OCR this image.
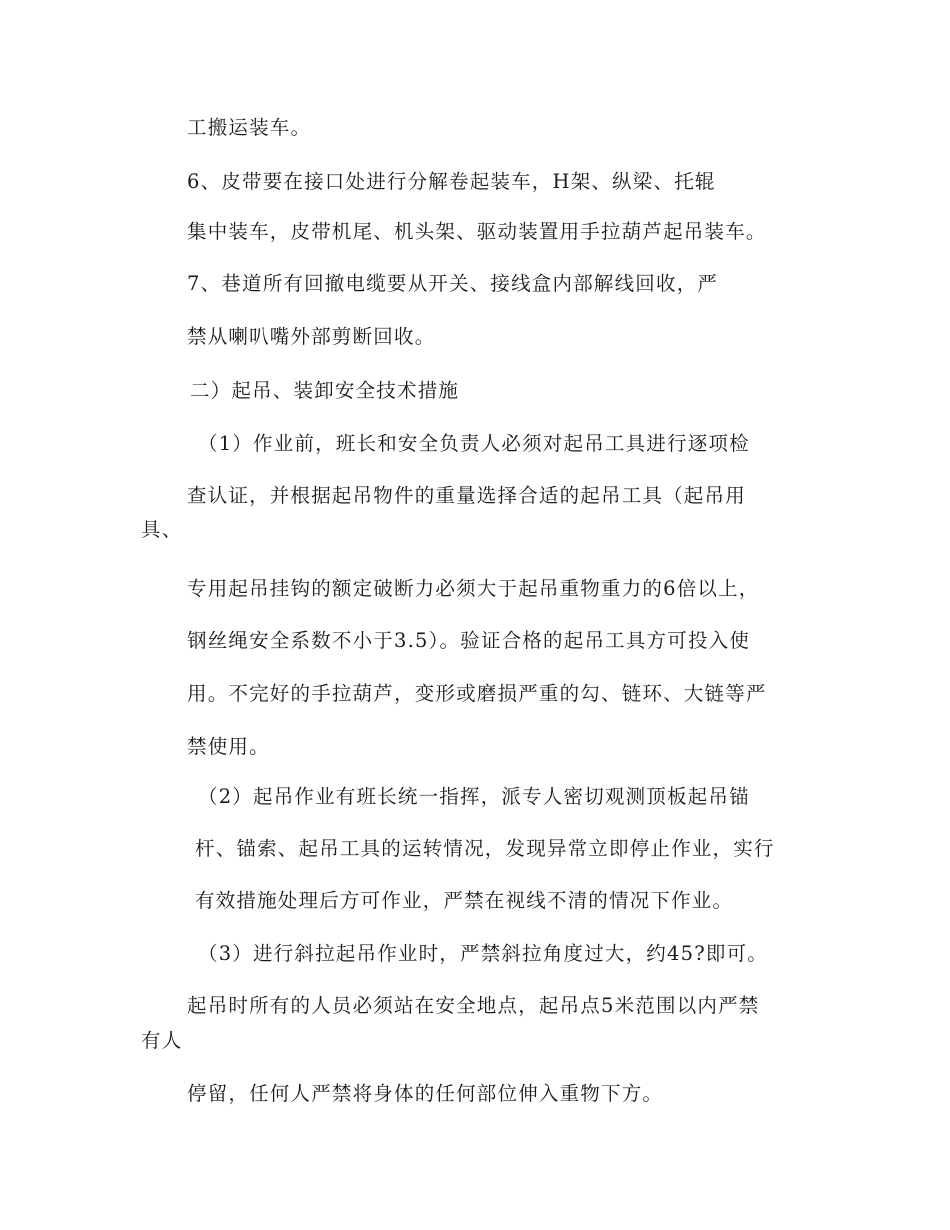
工搬运装车。
6、皮带要在接口处进行分解卷起装车，H架、纵梁、托辊
集中装车，皮带机尾、机头架、驱动装置用手拉葫芦起吊装车。
7、巷道所有回撤电缆要从开关、接线盒内部解线回收，严
禁从喇叭嘴外部剪断回收。
二）起吊、装卸安全技术措施
（1）作业前，班长和安全负责人必须对起吊工具进行逐项检
查认证，并根据起吊物件的重量选择合适的起吊工具（起吊用
具、
专用起吊挂钩的额定破断力必须大于起吊重物重力的6倍以上，
钢丝绳安全系数不小于3.5）。验证合格的起吊工具方可投入使
用。不完好的手拉葫芦，变形或磨损严重的勾、链环、大链等严
禁使用。
（2）起吊作业有班长统一指挥，派专人密切观测顶板起吊锚
杆、锚索、起吊工具的运转情况，发现异常立即停止作业，实行
有效措施处理后方可作业，严禁在视线不清的情况下作业。
（3）进行斜拉起吊作业时，严禁斜拉角度过大，约45?即可。
起吊时所有的人员必须站在安全地点，起吊点5米范围以内严禁
有人
停留，任何人严禁将身体的任何部位伸入重物下方。
